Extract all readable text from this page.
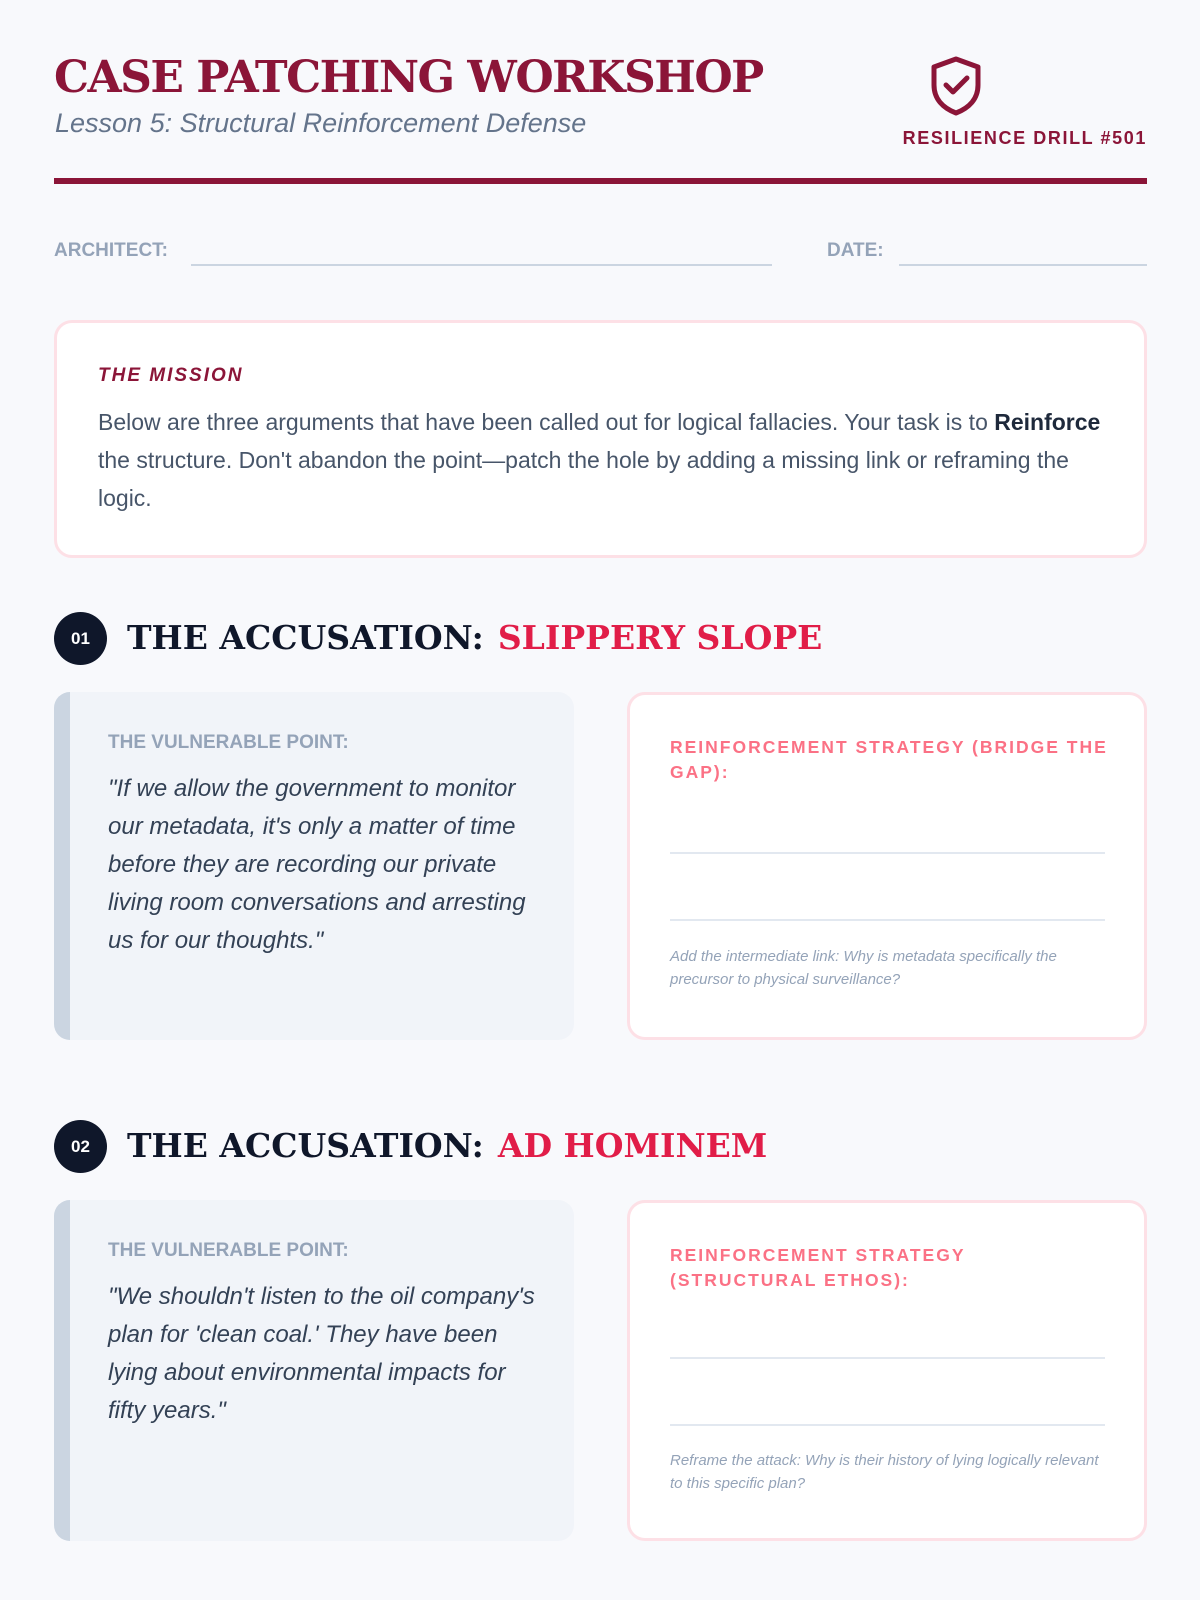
CASE PATCHING WORKSHOP
Lesson 5: Structural Reinforcement Defense	RESILIENCE DRILL #501
ARCHITECT:	DATE:
THE MISSION
Below are three arguments that have been called out for logical fallacies. Your task is to Reinforce the structure. Don't abandon the point—patch the hole by adding a missing link or reframing the logic.
01	THE ACCUSATION: SLIPPERY SLOPE
THE VULNERABLE POINT:
"If we allow the government to monitor our metadata, it's only a matter of time before they are recording our private living room conversations and arresting us for our thoughts."
REINFORCEMENT STRATEGY (BRIDGE THE GAP):
Add the intermediate link: Why is metadata specifically the precursor to physical surveillance?
02	THE ACCUSATION: AD HOMINEM
THE VULNERABLE POINT:
"We shouldn't listen to the oil company's plan for 'clean coal.' They have been lying about environmental impacts for fifty years."
REINFORCEMENT STRATEGY (STRUCTURAL ETHOS):
Reframe the attack: Why is their history of lying logically relevant to this specific plan?
